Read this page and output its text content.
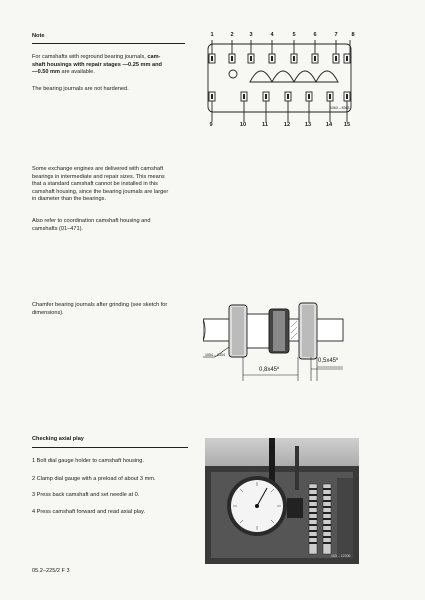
Note
For camshafts with reground bearing journals, cam-
shaft housings with repair stages —0.25 mm and
—0.50 mm are available.
The bearing journals are not hardened.
1	2	3	4	5	6	7	8
1063 – 8363
9	10	11	12	13	14	15
Some exchange engines are delivered with camshaft
bearings in intermediate and repair sizes. This means
that a standard camshaft cannot be installed in this
camshaft housing, since the bearing journals are larger
in diameter than the bearings.
Also refer to coordination camshaft housing and
camshafts (01–471).
Chamfer bearing journals after grinding (see sketch for
dimensions).
1054 – 8304
0,5x45º
0,8x45º
Checking axial play
1 Bolt dial gauge holder to camshaft housing.
2 Clamp dial gauge with a preload of about 3 mm.
3 Press back camshaft and set needle at 0.
4 Press camshaft forward and read axial play.
103 – 12306
05.2–225/2 F 3
